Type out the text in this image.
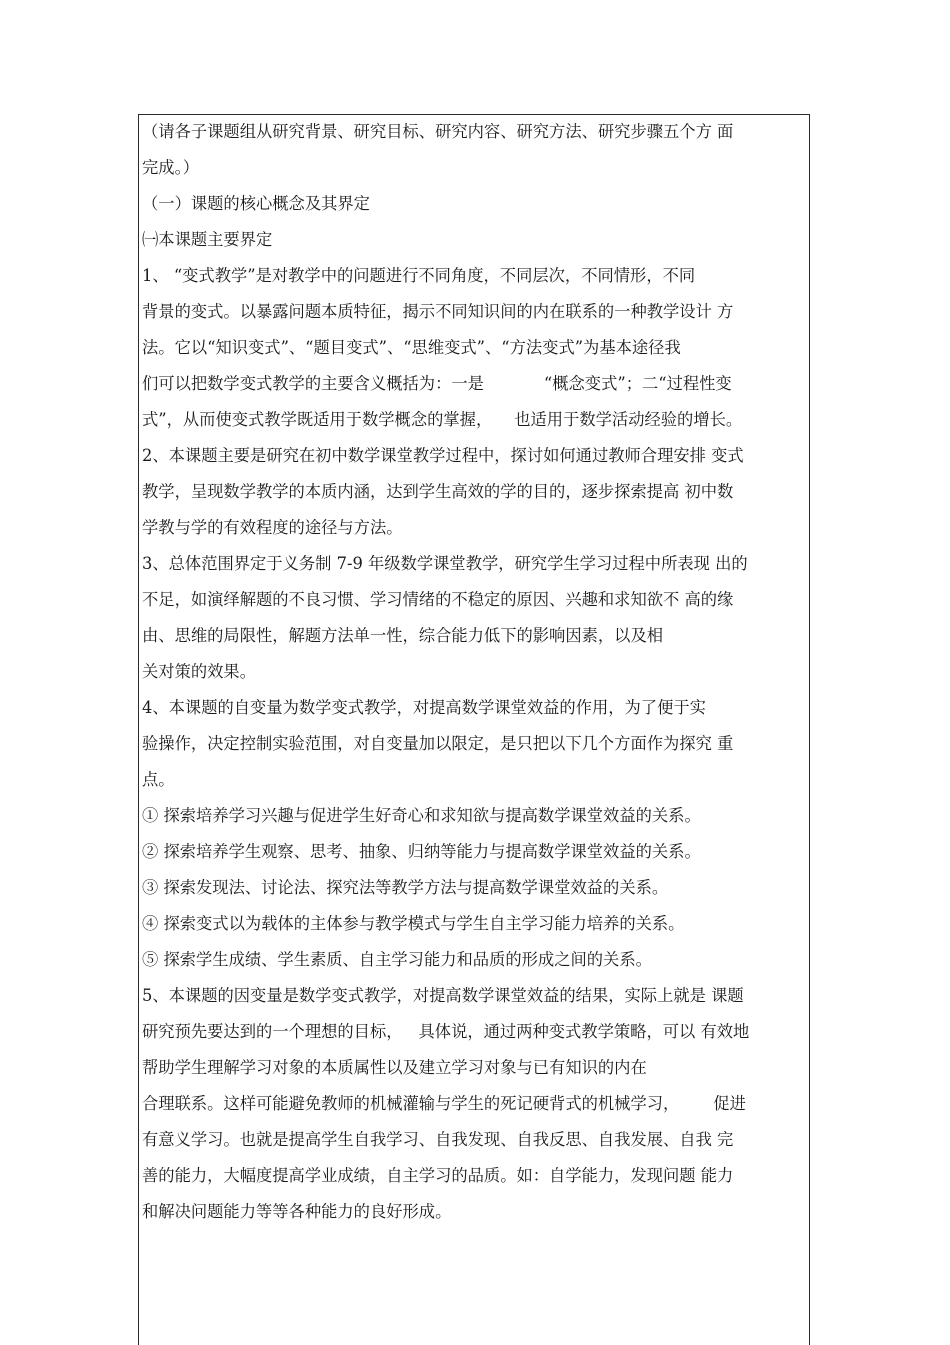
（请各子课题组从研究背景、研究目标、研究内容、研究方法、研究步骤五个方 面
完成。）
（一）课题的核心概念及其界定
㈠本课题主要界定
1、 “变式教学”是对教学中的问题进行不同角度，不同层次，不同情形，不同
背景的变式。以暴露问题本质特征，揭示不同知识间的内在联系的一种教学设计 方
法。它以“知识变式”、“题目变式”、“思维变式”、“方法变式”为基本途径我
们可以把数学变式教学的主要含义概括为：一是	“概念变式”；二“过程性变
式”，从而使变式教学既适用于数学概念的掌握， 也适用于数学活动经验的增长。
2、本课题主要是研究在初中数学课堂教学过程中，探讨如何通过教师合理安排 变式
教学，呈现数学教学的本质内涵，达到学生高效的学的目的，逐步探索提高 初中数
学教与学的有效程度的途径与方法。
3、总体范围界定于义务制 7-9 年级数学课堂教学，研究学生学习过程中所表现 出的
不足，如演绎解题的不良习惯、学习情绪的不稳定的原因、兴趣和求知欲不 高的缘
由、思维的局限性，解题方法单一性，综合能力低下的影响因素，以及相
关对策的效果。
4、本课题的自变量为数学变式教学，对提高数学课堂效益的作用，为了便于实
验操作，决定控制实验范围，对自变量加以限定，是只把以下几个方面作为探究 重
点。
① 探索培养学习兴趣与促进学生好奇心和求知欲与提高数学课堂效益的关系。
② 探索培养学生观察、思考、抽象、归纳等能力与提高数学课堂效益的关系。
③ 探索发现法、讨论法、探究法等教学方法与提高数学课堂效益的关系。
④ 探索变式以为载体的主体参与教学模式与学生自主学习能力培养的关系。
⑤ 探索学生成绩、学生素质、自主学习能力和品质的形成之间的关系。
5、本课题的因变量是数学变式教学，对提高数学课堂效益的结果，实际上就是 课题
研究预先要达到的一个理想的目标， 具体说，通过两种变式教学策略，可以 有效地
帮助学生理解学习对象的本质属性以及建立学习对象与已有知识的内在
合理联系。这样可能避免教师的机械灌输与学生的死记硬背式的机械学习， 促进
有意义学习。也就是提高学生自我学习、自我发现、自我反思、自我发展、自我 完
善的能力，大幅度提高学业成绩，自主学习的品质。如：自学能力，发现问题 能力
和解决问题能力等等各种能力的良好形成。
